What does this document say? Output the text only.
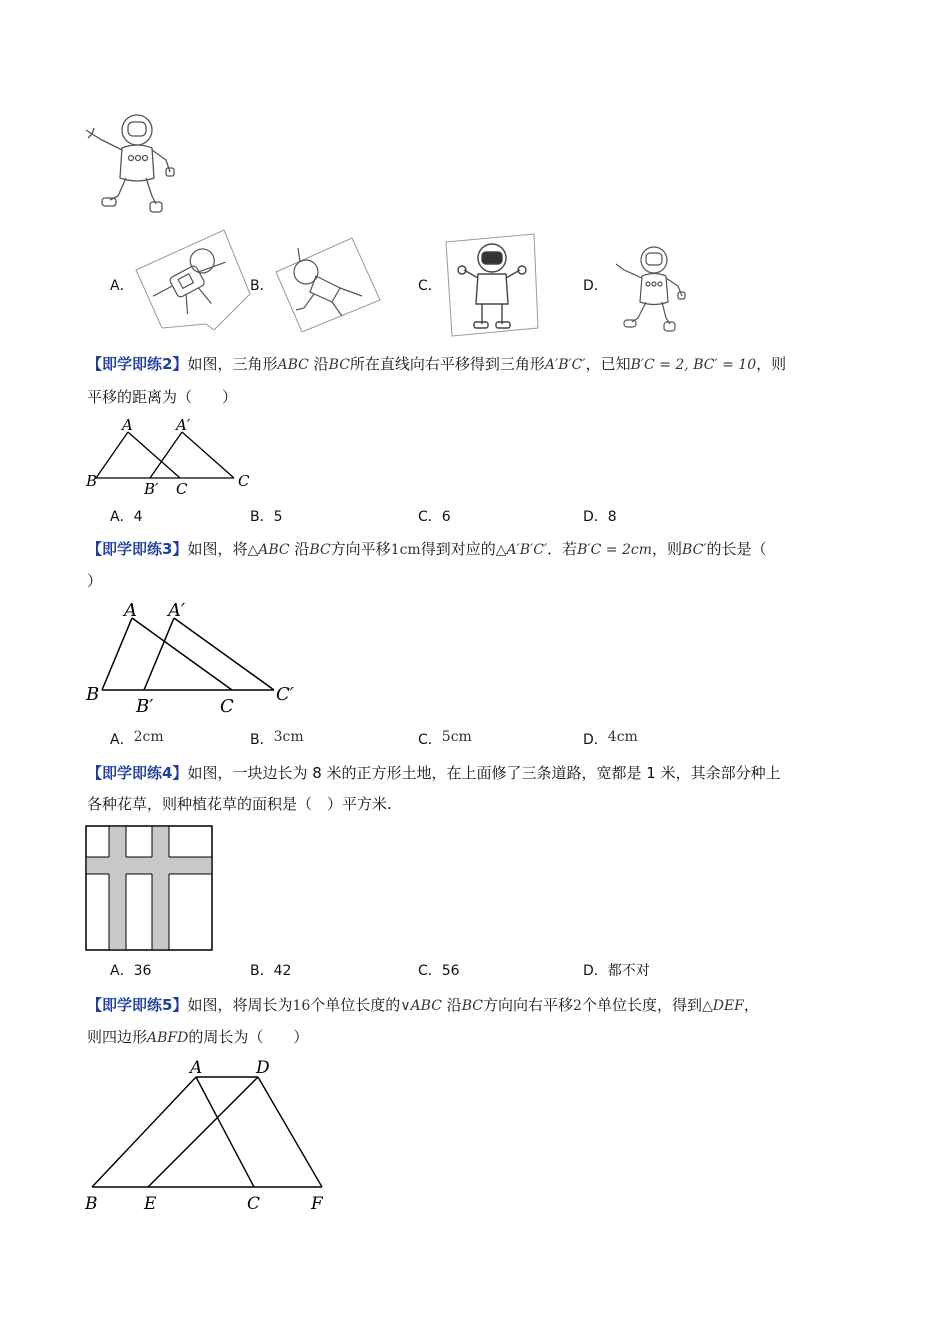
A．	B．	C．	D．
【即学即练2】如图，三角形ABC 沿BC所在直线向右平移得到三角形A′B′C′，已知B′C = 2, BC′ = 10，则
平移的距离为（　　）
A	A′
B	B′ C	C
A．4	B．5	C．6	D．8
【即学即练3】如图，将△ABC 沿BC方向平移1cm得到对应的△A′B′C′．若B′C = 2cm，则BC′的长是（
）
A A′
B
B′	C
C′
A．2cm	B．3cm	C．5cm	D．4cm
【即学即练4】如图，一块边长为 8 米的正方形土地，在上面修了三条道路，宽都是 1 米，其余部分种上
各种花草，则种植花草的面积是（　）平方米.
A．36	B．42	C．56	D．都不对
【即学即练5】如图，将周长为16个单位长度的∨ABC 沿BC方向向右平移2个单位长度，得到△DEF，
则四边形ABFD的周长为（　　）
A	D
B	E	C	F
